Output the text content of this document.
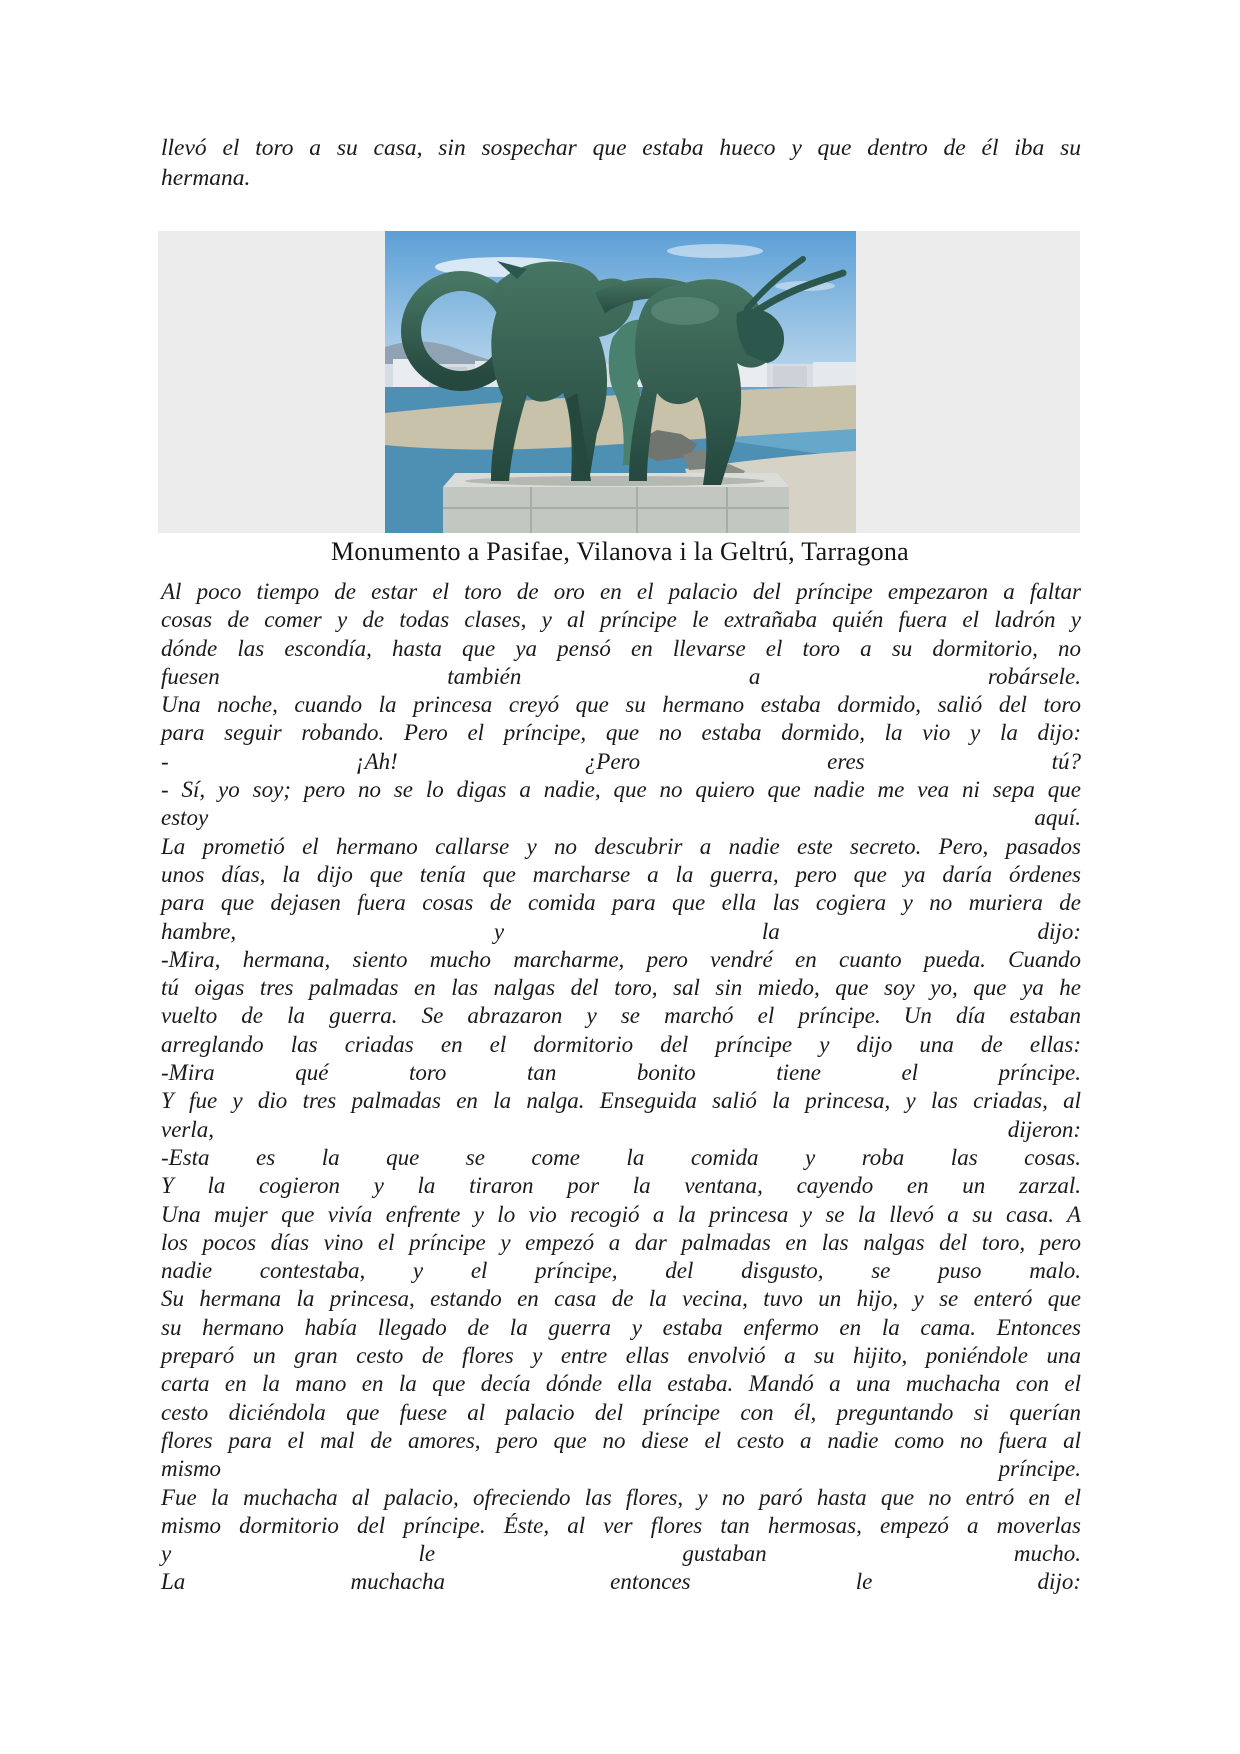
llevó el toro a su casa, sin sospechar que estaba hueco y que dentro de él iba su
hermana.
Monumento a Pasifae, Vilanova i la Geltrú, Tarragona
Al poco tiempo de estar el toro de oro en el palacio del príncipe empezaron a faltar
cosas de comer y de todas clases, y al príncipe le extrañaba quién fuera el ladrón y
dónde las escondía, hasta que ya pensó en llevarse el toro a su dormitorio, no
fuesen también a robársele.
Una noche, cuando la princesa creyó que su hermano estaba dormido, salió del toro
para seguir robando. Pero el príncipe, que no estaba dormido, la vio y la dijo:
- ¡Ah! ¿Pero eres tú?
- Sí, yo soy; pero no se lo digas a nadie, que no quiero que nadie me vea ni sepa que
estoy aquí.
La prometió el hermano callarse y no descubrir a nadie este secreto. Pero, pasados
unos días, la dijo que tenía que marcharse a la guerra, pero que ya daría órdenes
para que dejasen fuera cosas de comida para que ella las cogiera y no muriera de
hambre, y la dijo:
-Mira, hermana, siento mucho marcharme, pero vendré en cuanto pueda. Cuando
tú oigas tres palmadas en las nalgas del toro, sal sin miedo, que soy yo, que ya he
vuelto de la guerra. Se abrazaron y se marchó el príncipe. Un día estaban
arreglando las criadas en el dormitorio del príncipe y dijo una de ellas:
-Mira qué toro tan bonito tiene el príncipe.
Y fue y dio tres palmadas en la nalga. Enseguida salió la princesa, y las criadas, al
verla, dijeron:
-Esta es la que se come la comida y roba las cosas.
Y la cogieron y la tiraron por la ventana, cayendo en un zarzal.
Una mujer que vivía enfrente y lo vio recogió a la princesa y se la llevó a su casa. A
los pocos días vino el príncipe y empezó a dar palmadas en las nalgas del toro, pero
nadie contestaba, y el príncipe, del disgusto, se puso malo.
Su hermana la princesa, estando en casa de la vecina, tuvo un hijo, y se enteró que
su hermano había llegado de la guerra y estaba enfermo en la cama. Entonces
preparó un gran cesto de flores y entre ellas envolvió a su hijito, poniéndole una
carta en la mano en la que decía dónde ella estaba. Mandó a una muchacha con el
cesto diciéndola que fuese al palacio del príncipe con él, preguntando si querían
flores para el mal de amores, pero que no diese el cesto a nadie como no fuera al
mismo príncipe.
Fue la muchacha al palacio, ofreciendo las flores, y no paró hasta que no entró en el
mismo dormitorio del príncipe. Éste, al ver flores tan hermosas, empezó a moverlas
y le gustaban mucho.
La muchacha entonces le dijo:
